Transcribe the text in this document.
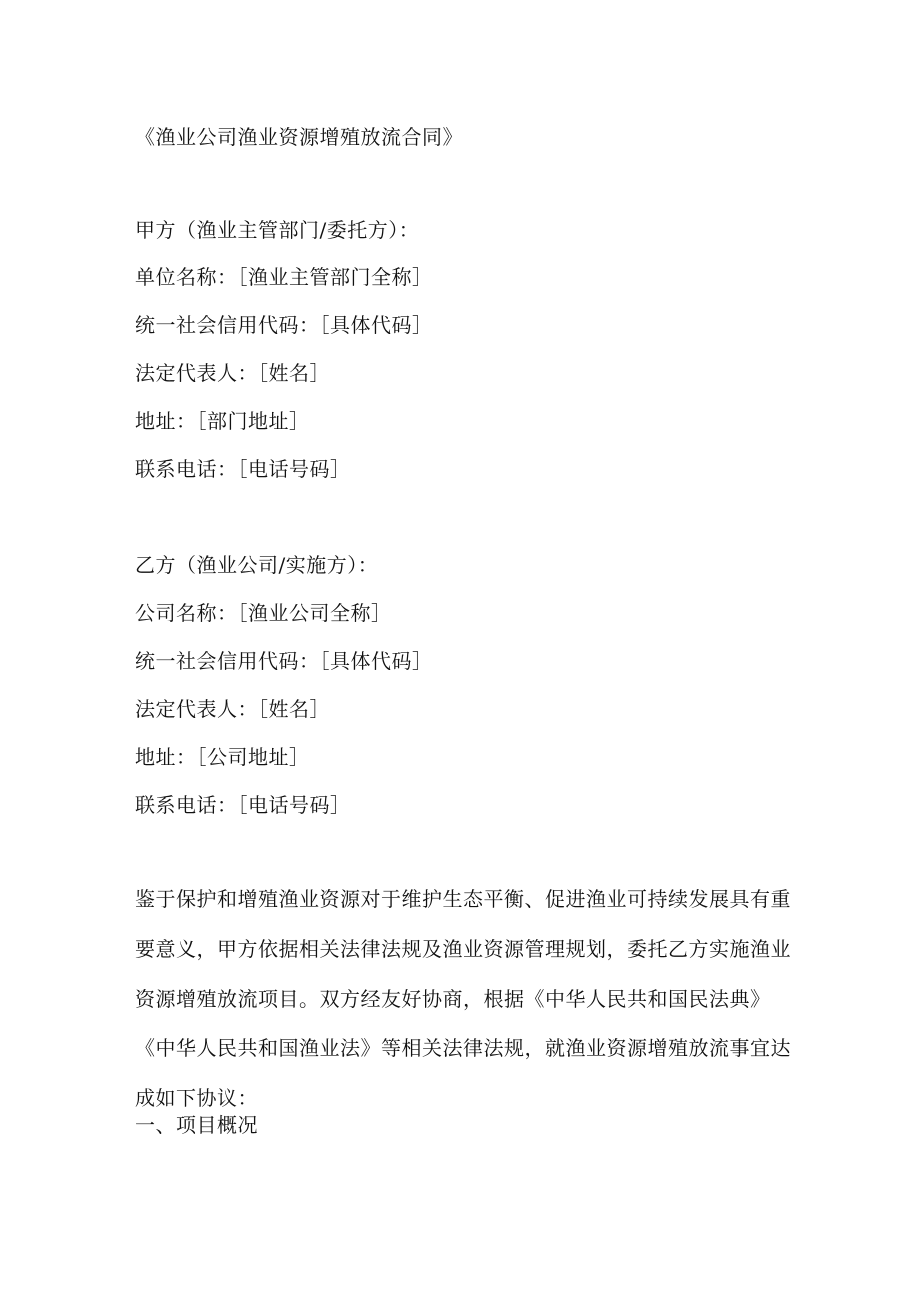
《渔业公司渔业资源增殖放流合同》
甲方（渔业主管部门/委托方）：
单位名称：［渔业主管部门全称］
统一社会信用代码：［具体代码］
法定代表人：［姓名］
地址：［部门地址］
联系电话：［电话号码］
乙方（渔业公司/实施方）：
公司名称：［渔业公司全称］
统一社会信用代码：［具体代码］
法定代表人：［姓名］
地址：［公司地址］
联系电话：［电话号码］
鉴于保护和增殖渔业资源对于维护生态平衡、促进渔业可持续发展具有重
要意义，甲方依据相关法律法规及渔业资源管理规划，委托乙方实施渔业
资源增殖放流项目。双方经友好协商，根据《中华人民共和国民法典》
《中华人民共和国渔业法》等相关法律法规，就渔业资源增殖放流事宜达
成如下协议：
一、项目概况
